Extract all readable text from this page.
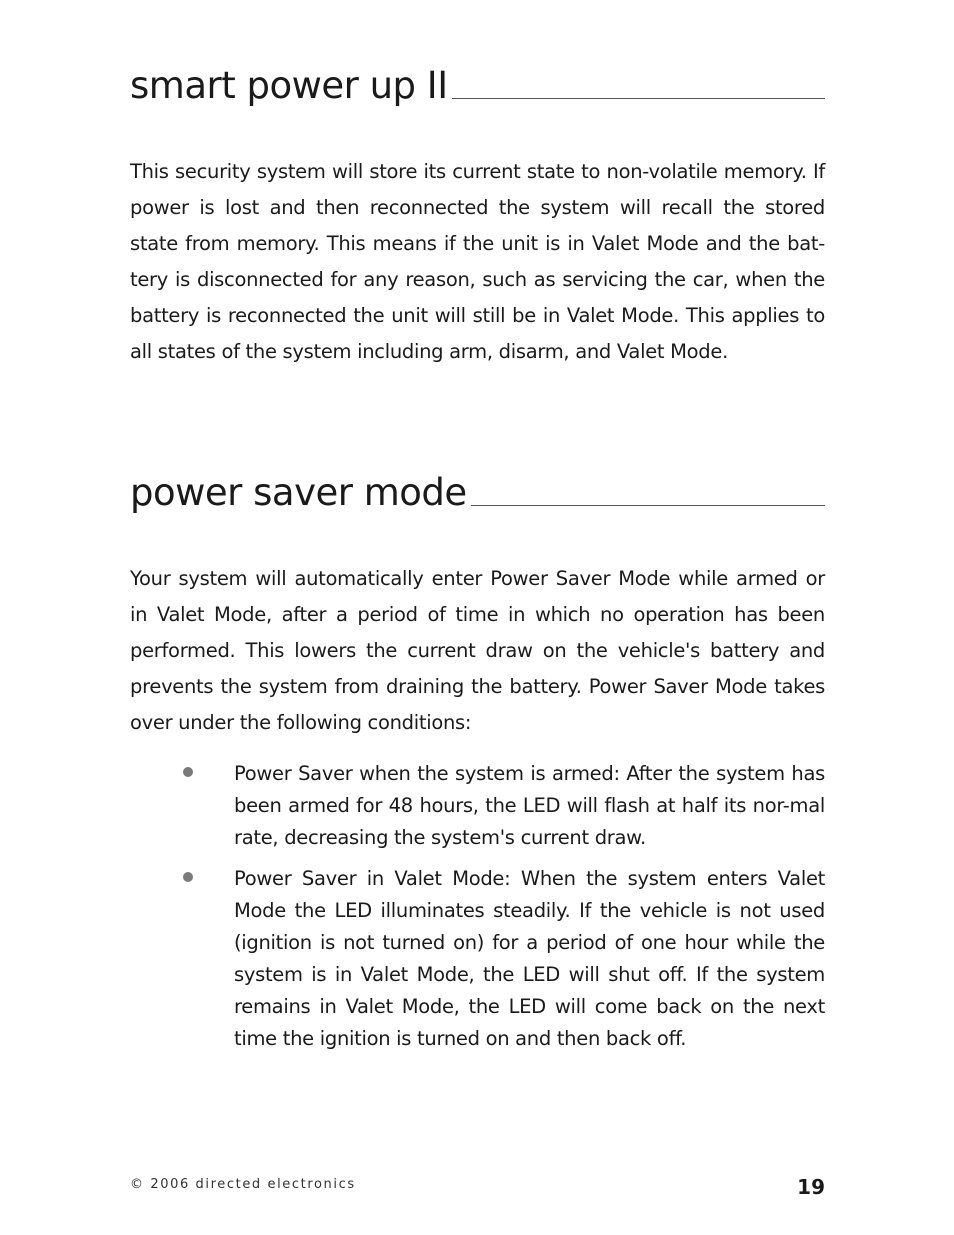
smart power up II

This security system will store its current state to non-volatile memory. If power is lost and then reconnected the system will recall the stored state from memory. This means if the unit is in Valet Mode and the bat-tery is disconnected for any reason, such as servicing the car, when the battery is reconnected the unit will still be in Valet Mode. This applies to all states of the system including arm, disarm, and Valet Mode.

power saver mode

Your system will automatically enter Power Saver Mode while armed or in Valet Mode, after a period of time in which no operation has been performed. This lowers the current draw on the vehicle's battery and prevents the system from draining the battery. Power Saver Mode takes over under the following conditions:

Power Saver when the system is armed: After the system has been armed for 48 hours, the LED will flash at half its nor-mal rate, decreasing the system's current draw.
Power Saver in Valet Mode: When the system enters Valet Mode the LED illuminates steadily. If the vehicle is not used (ignition is not turned on) for a period of one hour while the system is in Valet Mode, the LED will shut off. If the system remains in Valet Mode, the LED will come back on the next time the ignition is turned on and then back off.
© 2006 directed electronics	19
